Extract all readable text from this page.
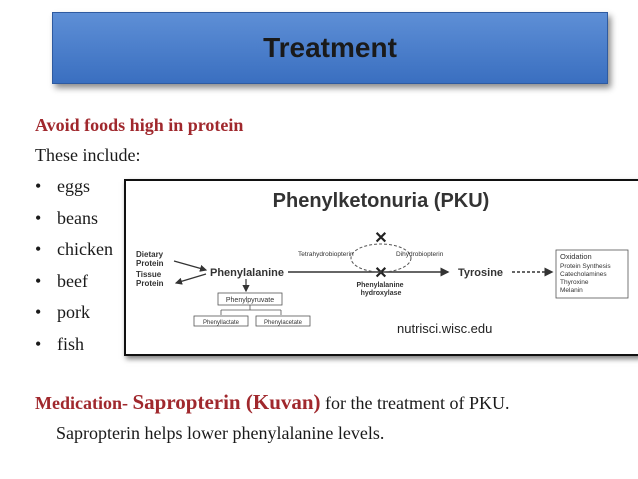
Treatment
Avoid foods high in protein
These include:
• eggs
• beans
• chicken
• beef
• pork
• fish
Phenylketonuria (PKU)
Dietary Protein
Tissue Protein
Phenylalanine	Tyrosine
✕
✕
Tetrahydrobiopterin	Dihydrobiopterin
Phenylalanine hydroxylase
Phenylpyruvate
Phenyllactate	Phenylacetate
Oxidation Protein Synthesis Catecholamines Thyroxine Melanin
nutrisci.wisc.edu
Medication- Sapropterin (Kuvan) for the treatment of PKU.
Sapropterin helps lower phenylalanine levels.
